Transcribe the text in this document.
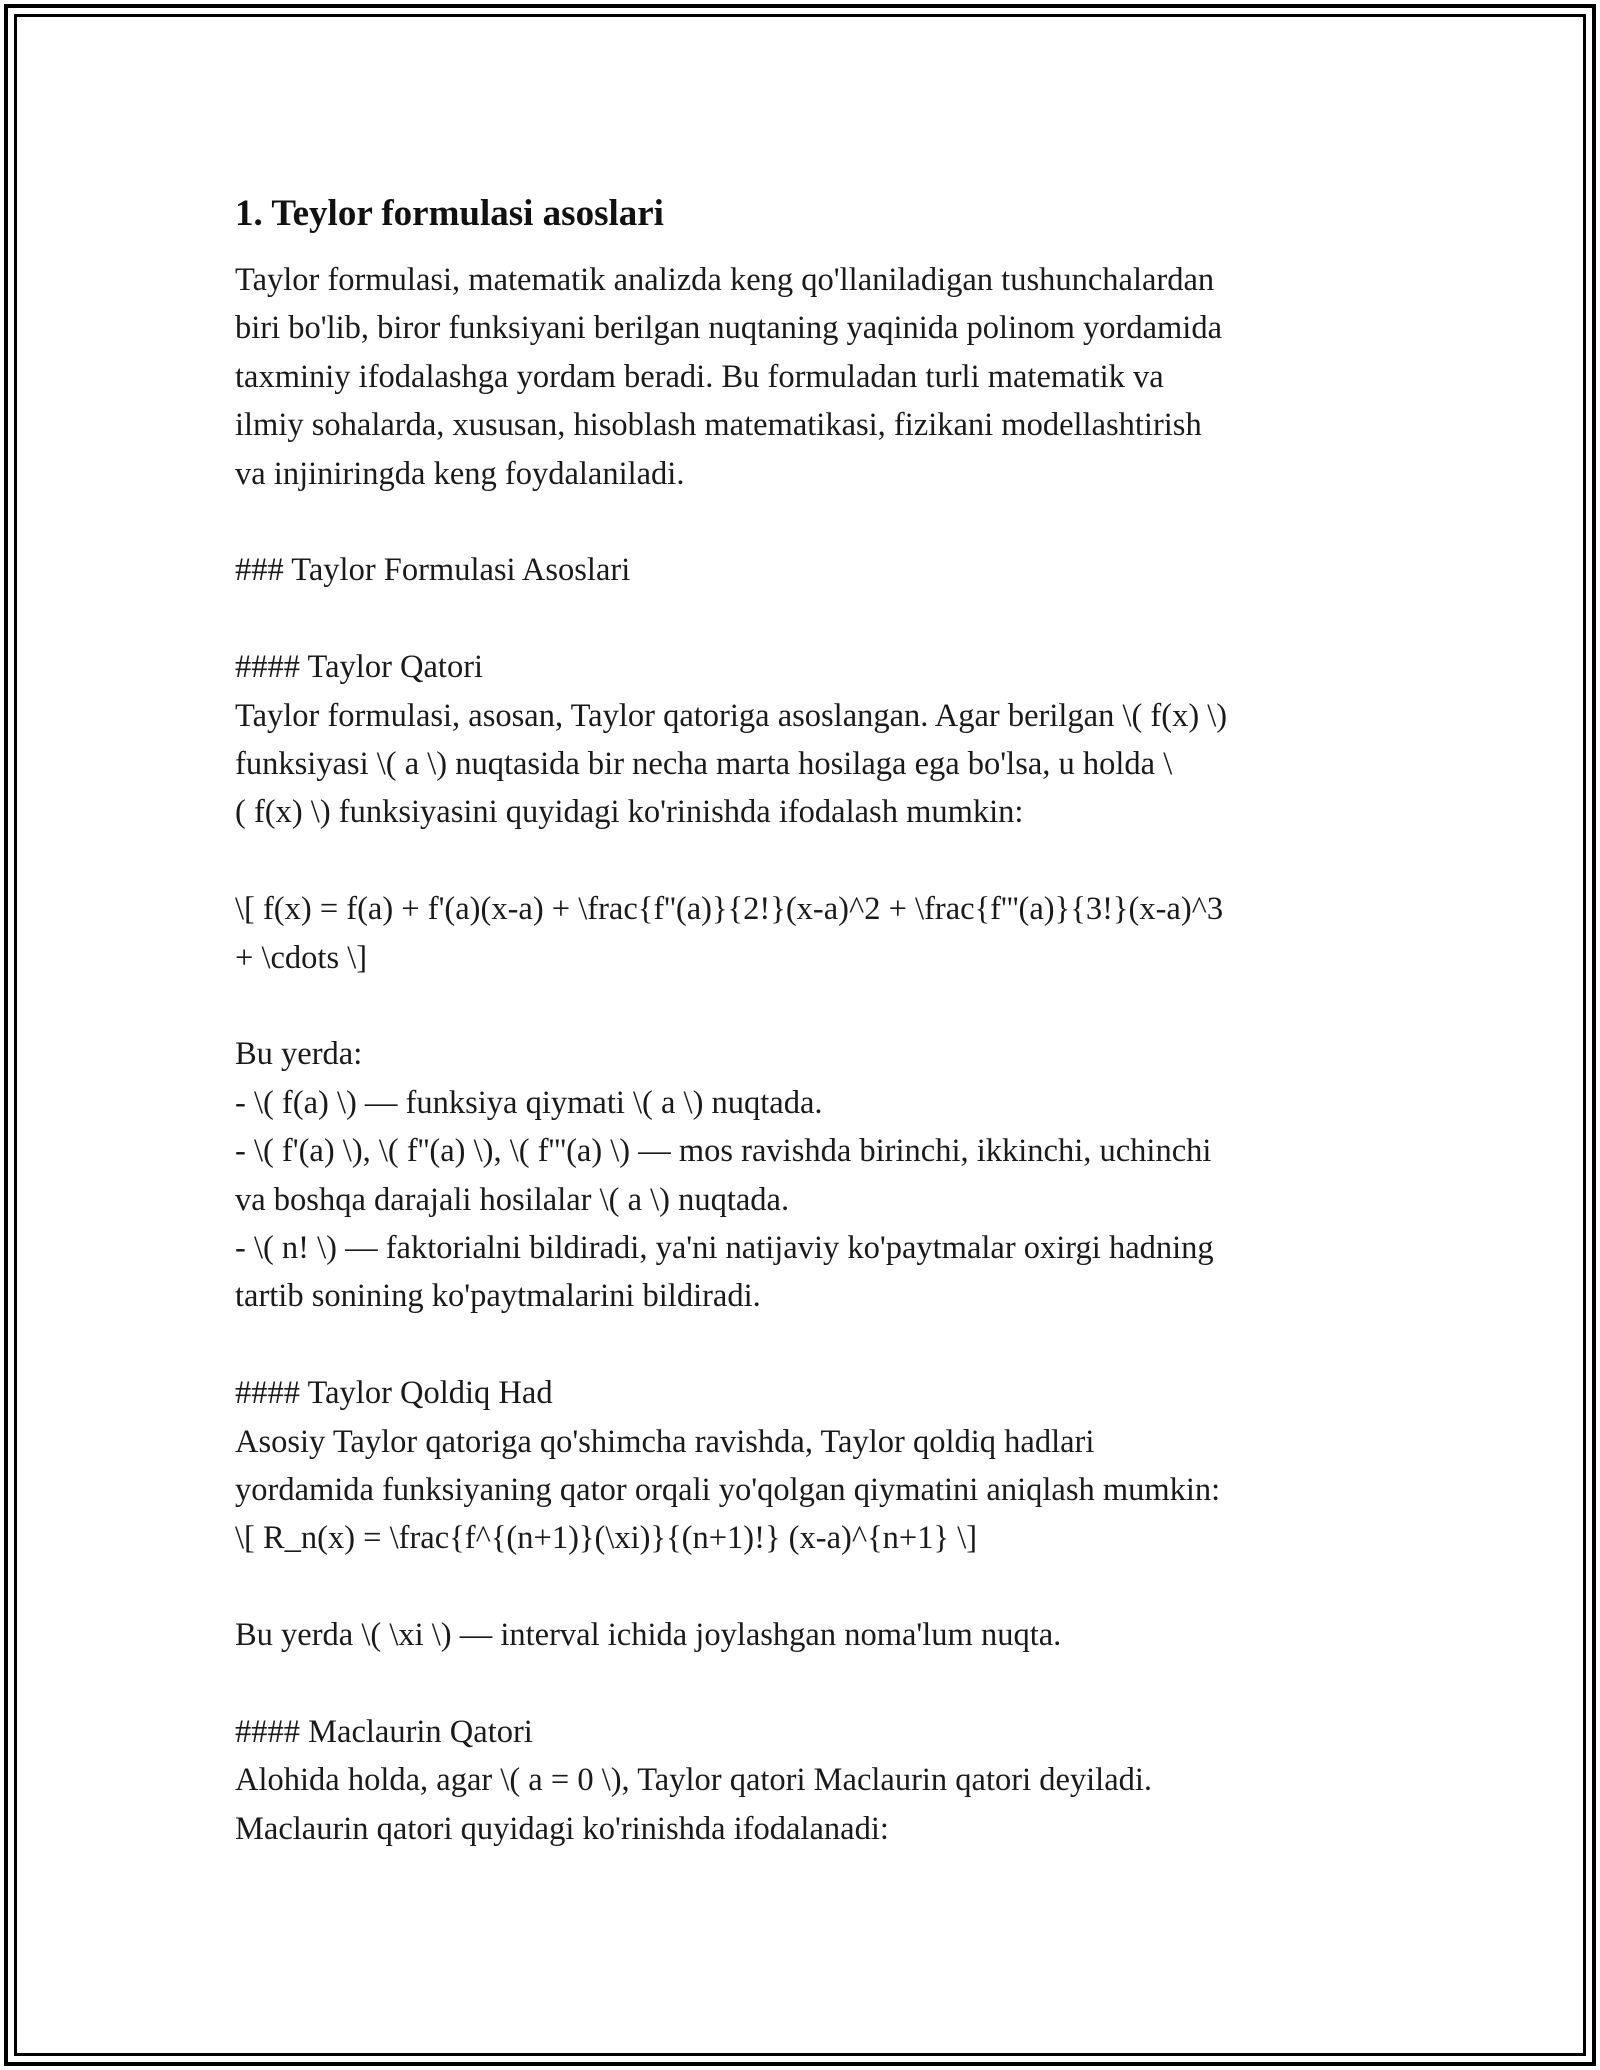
1. Teylor formulasi asoslari
Taylor formulasi, matematik analizda keng qo'llaniladigan tushunchalardan
biri bo'lib, biror funksiyani berilgan nuqtaning yaqinida polinom yordamida
taxminiy ifodalashga yordam beradi. Bu formuladan turli matematik va
ilmiy sohalarda, xususan, hisoblash matematikasi, fizikani modellashtirish
va injiniringda keng foydalaniladi.
### Taylor Formulasi Asoslari
#### Taylor Qatori
Taylor formulasi, asosan, Taylor qatoriga asoslangan. Agar berilgan \( f(x) \)
funksiyasi \( a \) nuqtasida bir necha marta hosilaga ega bo'lsa, u holda \
( f(x) \) funksiyasini quyidagi ko'rinishda ifodalash mumkin:
\[ f(x) = f(a) + f'(a)(x-a) + \frac{f''(a)}{2!}(x-a)^2 + \frac{f'''(a)}{3!}(x-a)^3
+ \cdots \]
Bu yerda:
- \( f(a) \) — funksiya qiymati \( a \) nuqtada.
- \( f'(a) \), \( f''(a) \), \( f'''(a) \) — mos ravishda birinchi, ikkinchi, uchinchi
va boshqa darajali hosilalar \( a \) nuqtada.
- \( n! \) — faktorialni bildiradi, ya'ni natijaviy ko'paytmalar oxirgi hadning
tartib sonining ko'paytmalarini bildiradi.
#### Taylor Qoldiq Had
Asosiy Taylor qatoriga qo'shimcha ravishda, Taylor qoldiq hadlari
yordamida funksiyaning qator orqali yo'qolgan qiymatini aniqlash mumkin:
\[ R_n(x) = \frac{f^{(n+1)}(\xi)}{(n+1)!} (x-a)^{n+1} \]
Bu yerda \( \xi \) — interval ichida joylashgan noma'lum nuqta.
#### Maclaurin Qatori
Alohida holda, agar \( a = 0 \), Taylor qatori Maclaurin qatori deyiladi.
Maclaurin qatori quyidagi ko'rinishda ifodalanadi:
